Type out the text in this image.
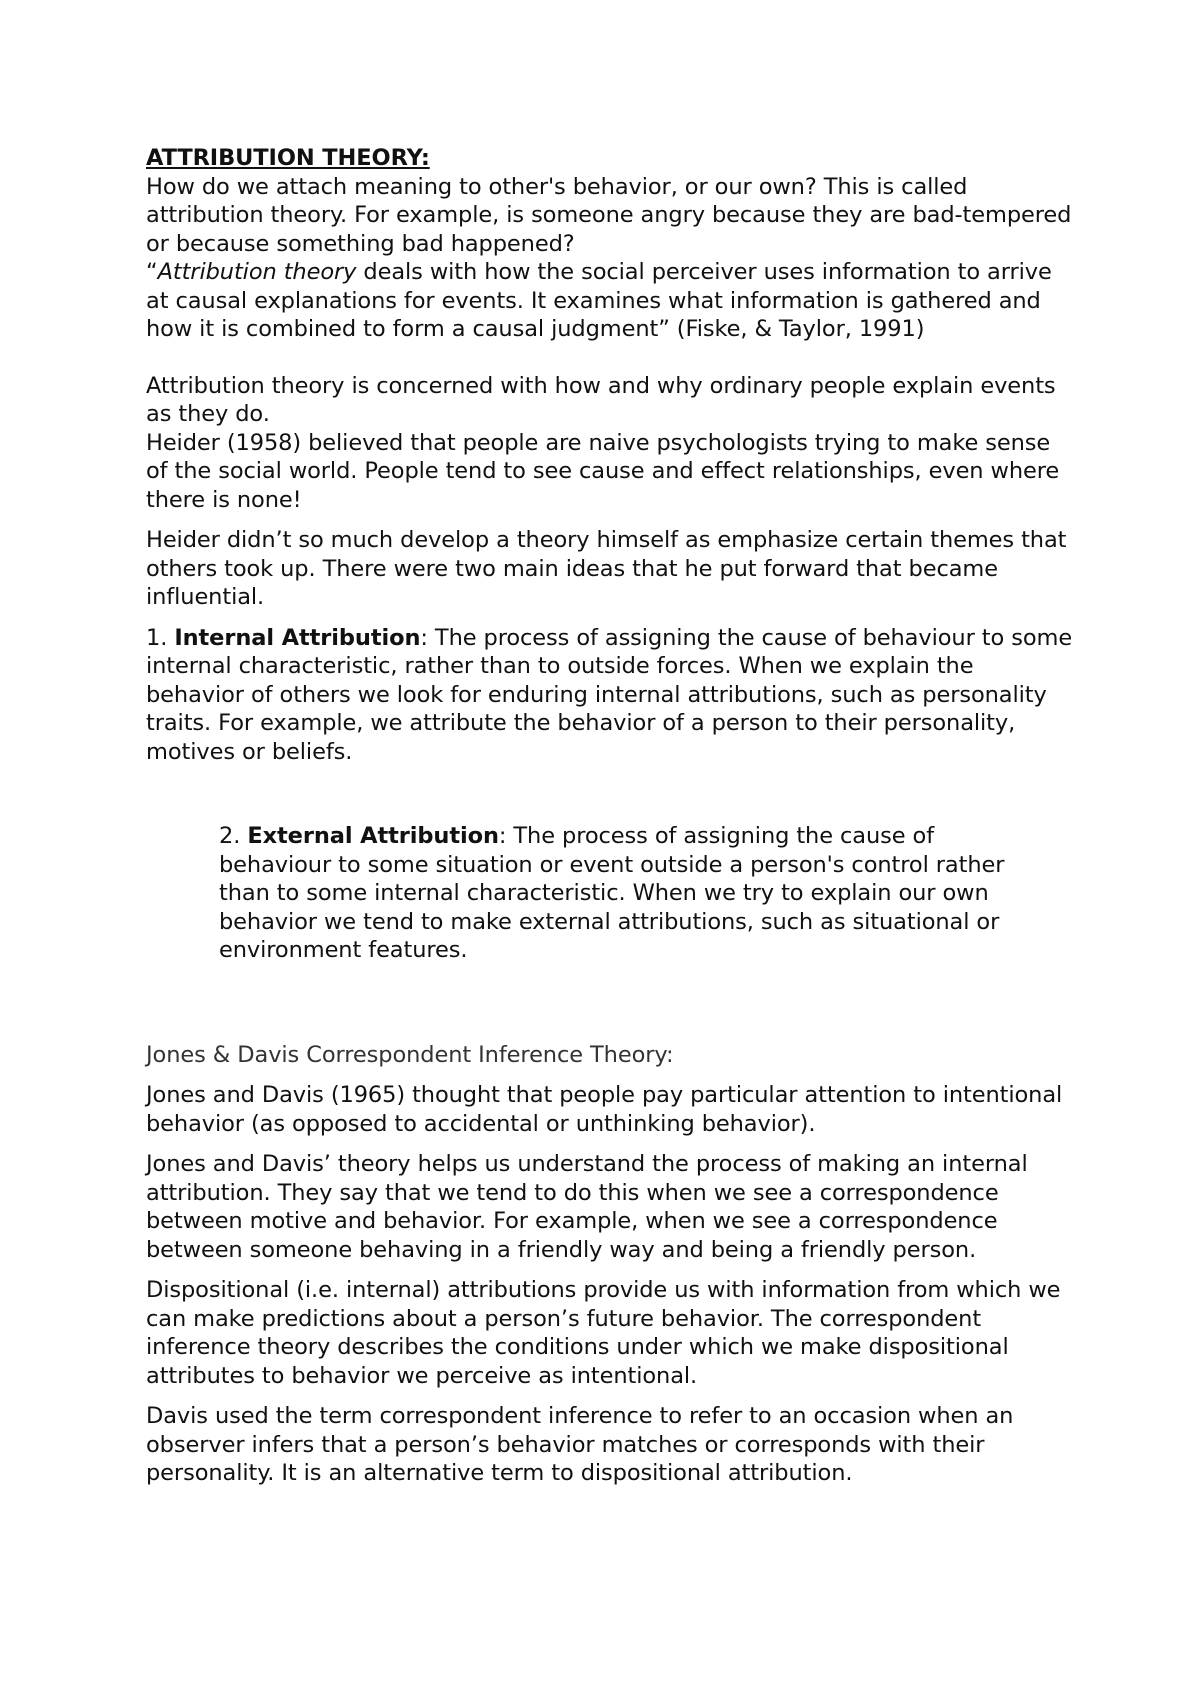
ATTRIBUTION THEORY:

How do we attach meaning to other's behavior, or our own? This is called attribution theory. For example, is someone angry because they are bad-tempered or because something bad happened?

“Attribution theory deals with how the social perceiver uses information to arrive at causal explanations for events. It examines what information is gathered and how it is combined to form a causal judgment” (Fiske, & Taylor, 1991)

Attribution theory is concerned with how and why ordinary people explain events as they do.

Heider (1958) believed that people are naive psychologists trying to make sense of the social world. People tend to see cause and effect relationships, even where there is none!

Heider didn’t so much develop a theory himself as emphasize certain themes that others took up. There were two main ideas that he put forward that became influential.

1. Internal Attribution: The process of assigning the cause of behaviour to some internal characteristic, rather than to outside forces. When we explain the behavior of others we look for enduring internal attributions, such as personality traits. For example, we attribute the behavior of a person to their personality, motives or beliefs.

2. External Attribution: The process of assigning the cause of behaviour to some situation or event outside a person's control rather than to some internal characteristic. When we try to explain our own behavior we tend to make external attributions, such as situational or environment features.

Jones & Davis Correspondent Inference Theory:

Jones and Davis (1965) thought that people pay particular attention to intentional behavior (as opposed to accidental or unthinking behavior).

Jones and Davis’ theory helps us understand the process of making an internal attribution. They say that we tend to do this when we see a correspondence between motive and behavior. For example, when we see a correspondence between someone behaving in a friendly way and being a friendly person.

Dispositional (i.e. internal) attributions provide us with information from which we can make predictions about a person’s future behavior. The correspondent inference theory describes the conditions under which we make dispositional attributes to behavior we perceive as intentional.

Davis used the term correspondent inference to refer to an occasion when an observer infers that a person’s behavior matches or corresponds with their personality. It is an alternative term to dispositional attribution.
